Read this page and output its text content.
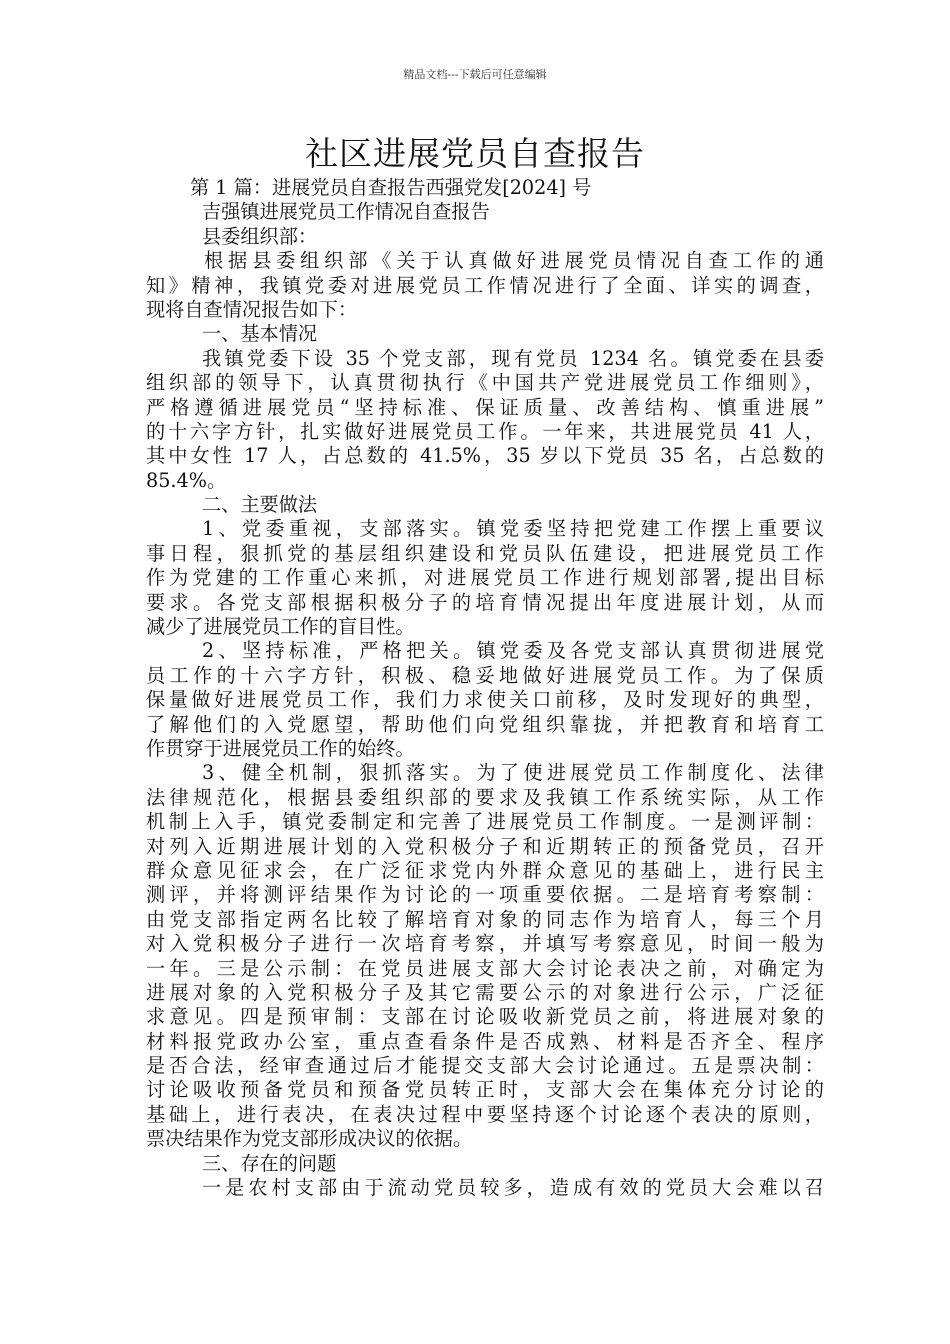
精品文档---下载后可任意编辑
社区进展党员自查报告
第 1 篇：进展党员自查报告西强党发[2024] 号
吉强镇进展党员工作情况自查报告
县委组织部：
根据县委组织部《关于认真做好进展党员情况自查工作的通
知》精神，我镇党委对进展党员工作情况进行了全面、详实的调查，
现将自查情况报告如下：
一、基本情况
我镇党委下设 35 个党支部，现有党员 1234 名。镇党委在县委
组织部的领导下，认真贯彻执行《中国共产党进展党员工作细则》，
严格遵循进展党员“坚持标准、保证质量、改善结构、慎重进展”
的十六字方针，扎实做好进展党员工作。一年来，共进展党员 41 人，
其中女性 17 人，占总数的 41.5%，35 岁以下党员 35 名，占总数的
85.4%。
二、主要做法
1、党委重视，支部落实。镇党委坚持把党建工作摆上重要议
事日程，狠抓党的基层组织建设和党员队伍建设，把进展党员工作
作为党建的工作重心来抓，对进展党员工作进行规划部署,提出目标
要求。各党支部根据积极分子的培育情况提出年度进展计划，从而
减少了进展党员工作的盲目性。
2、坚持标准，严格把关。镇党委及各党支部认真贯彻进展党
员工作的十六字方针，积极、稳妥地做好进展党员工作。为了保质
保量做好进展党员工作，我们力求使关口前移，及时发现好的典型，
了解他们的入党愿望，帮助他们向党组织靠拢，并把教育和培育工
作贯穿于进展党员工作的始终。
3、健全机制，狠抓落实。为了使进展党员工作制度化、法律
法律规范化，根据县委组织部的要求及我镇工作系统实际，从工作
机制上入手，镇党委制定和完善了进展党员工作制度。一是测评制：
对列入近期进展计划的入党积极分子和近期转正的预备党员，召开
群众意见征求会，在广泛征求党内外群众意见的基础上，进行民主
测评，并将测评结果作为讨论的一项重要依据。二是培育考察制：
由党支部指定两名比较了解培育对象的同志作为培育人，每三个月
对入党积极分子进行一次培育考察，并填写考察意见，时间一般为
一年。三是公示制：在党员进展支部大会讨论表决之前，对确定为
进展对象的入党积极分子及其它需要公示的对象进行公示，广泛征
求意见。四是预审制：支部在讨论吸收新党员之前，将进展对象的
材料报党政办公室，重点查看条件是否成熟、材料是否齐全、程序
是否合法，经审查通过后才能提交支部大会讨论通过。五是票决制：
讨论吸收预备党员和预备党员转正时，支部大会在集体充分讨论的
基础上，进行表决，在表决过程中要坚持逐个讨论逐个表决的原则，
票决结果作为党支部形成决议的依据。
三、存在的问题
一是农村支部由于流动党员较多，造成有效的党员大会难以召
